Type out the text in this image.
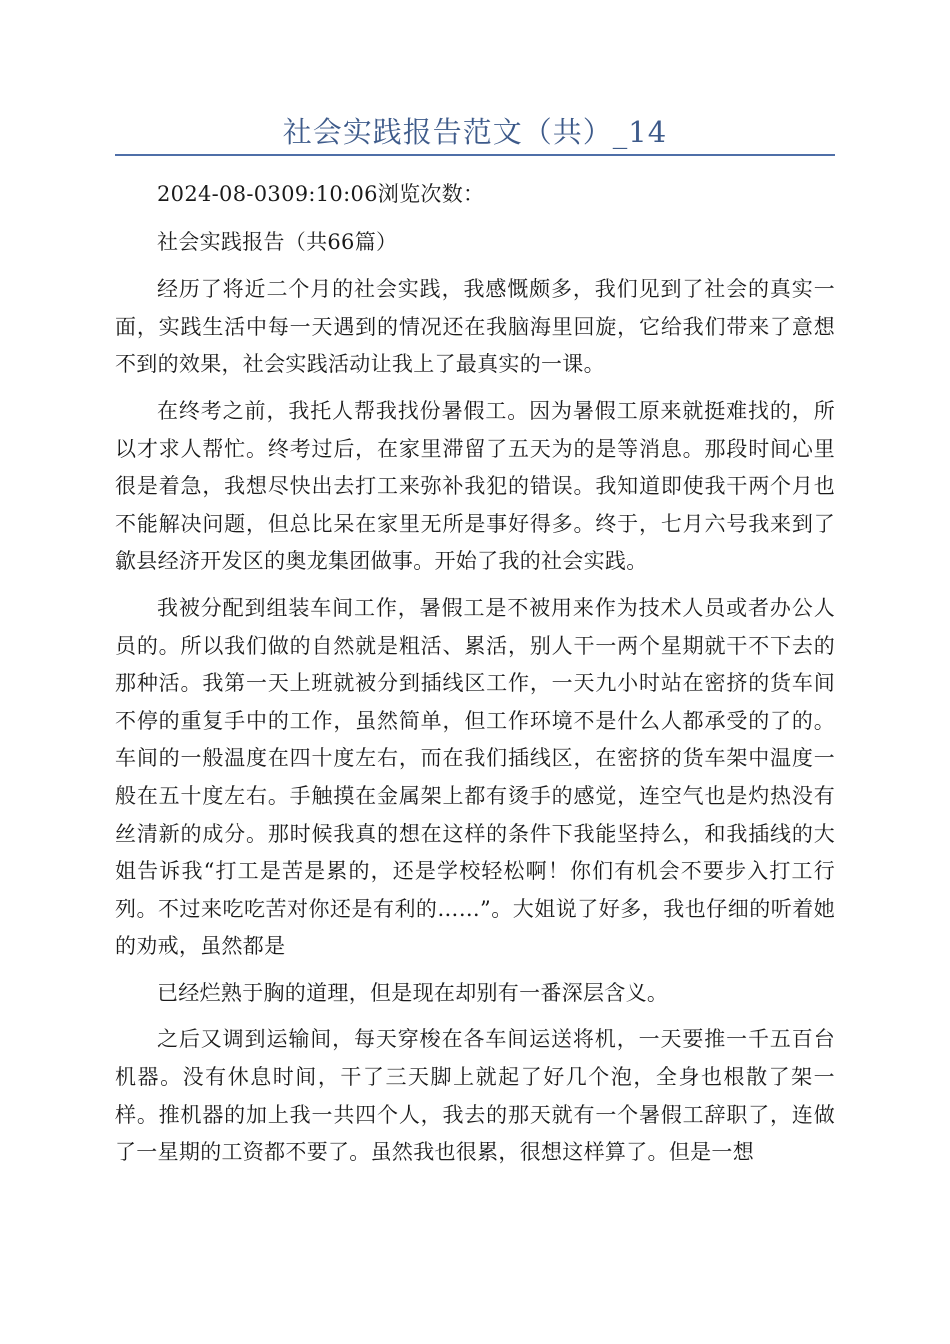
社会实践报告范文（共）_14

2024-08-0309:10:06浏览次数：

社会实践报告（共66篇）

经历了将近二个月的社会实践，我感慨颇多，我们见到了社会的真实一面，实践生活中每一天遇到的情况还在我脑海里回旋，它给我们带来了意想不到的效果，社会实践活动让我上了最真实的一课。

在终考之前，我托人帮我找份暑假工。因为暑假工原来就挺难找的，所以才求人帮忙。终考过后，在家里滞留了五天为的是等消息。那段时间心里很是着急，我想尽快出去打工来弥补我犯的错误。我知道即使我干两个月也不能解决问题，但总比呆在家里无所是事好得多。终于，七月六号我来到了歙县经济开发区的奥龙集团做事。开始了我的社会实践。

我被分配到组装车间工作，暑假工是不被用来作为技术人员或者办公人员的。所以我们做的自然就是粗活、累活，别人干一两个星期就干不下去的那种活。我第一天上班就被分到插线区工作，一天九小时站在密挤的货车间不停的重复手中的工作，虽然简单，但工作环境不是什么人都承受的了的。车间的一般温度在四十度左右，而在我们插线区，在密挤的货车架中温度一般在五十度左右。手触摸在金属架上都有烫手的感觉，连空气也是灼热没有丝清新的成分。那时候我真的想在这样的条件下我能坚持么，和我插线的大姐告诉我“打工是苦是累的，还是学校轻松啊！你们有机会不要步入打工行列。不过来吃吃苦对你还是有利的……”。大姐说了好多，我也仔细的听着她的劝戒，虽然都是

已经烂熟于胸的道理，但是现在却别有一番深层含义。

之后又调到运输间，每天穿梭在各车间运送将机，一天要推一千五百台机器。没有休息时间，干了三天脚上就起了好几个泡，全身也根散了架一样。推机器的加上我一共四个人，我去的那天就有一个暑假工辞职了，连做了一星期的工资都不要了。虽然我也很累，很想这样算了。但是一想
